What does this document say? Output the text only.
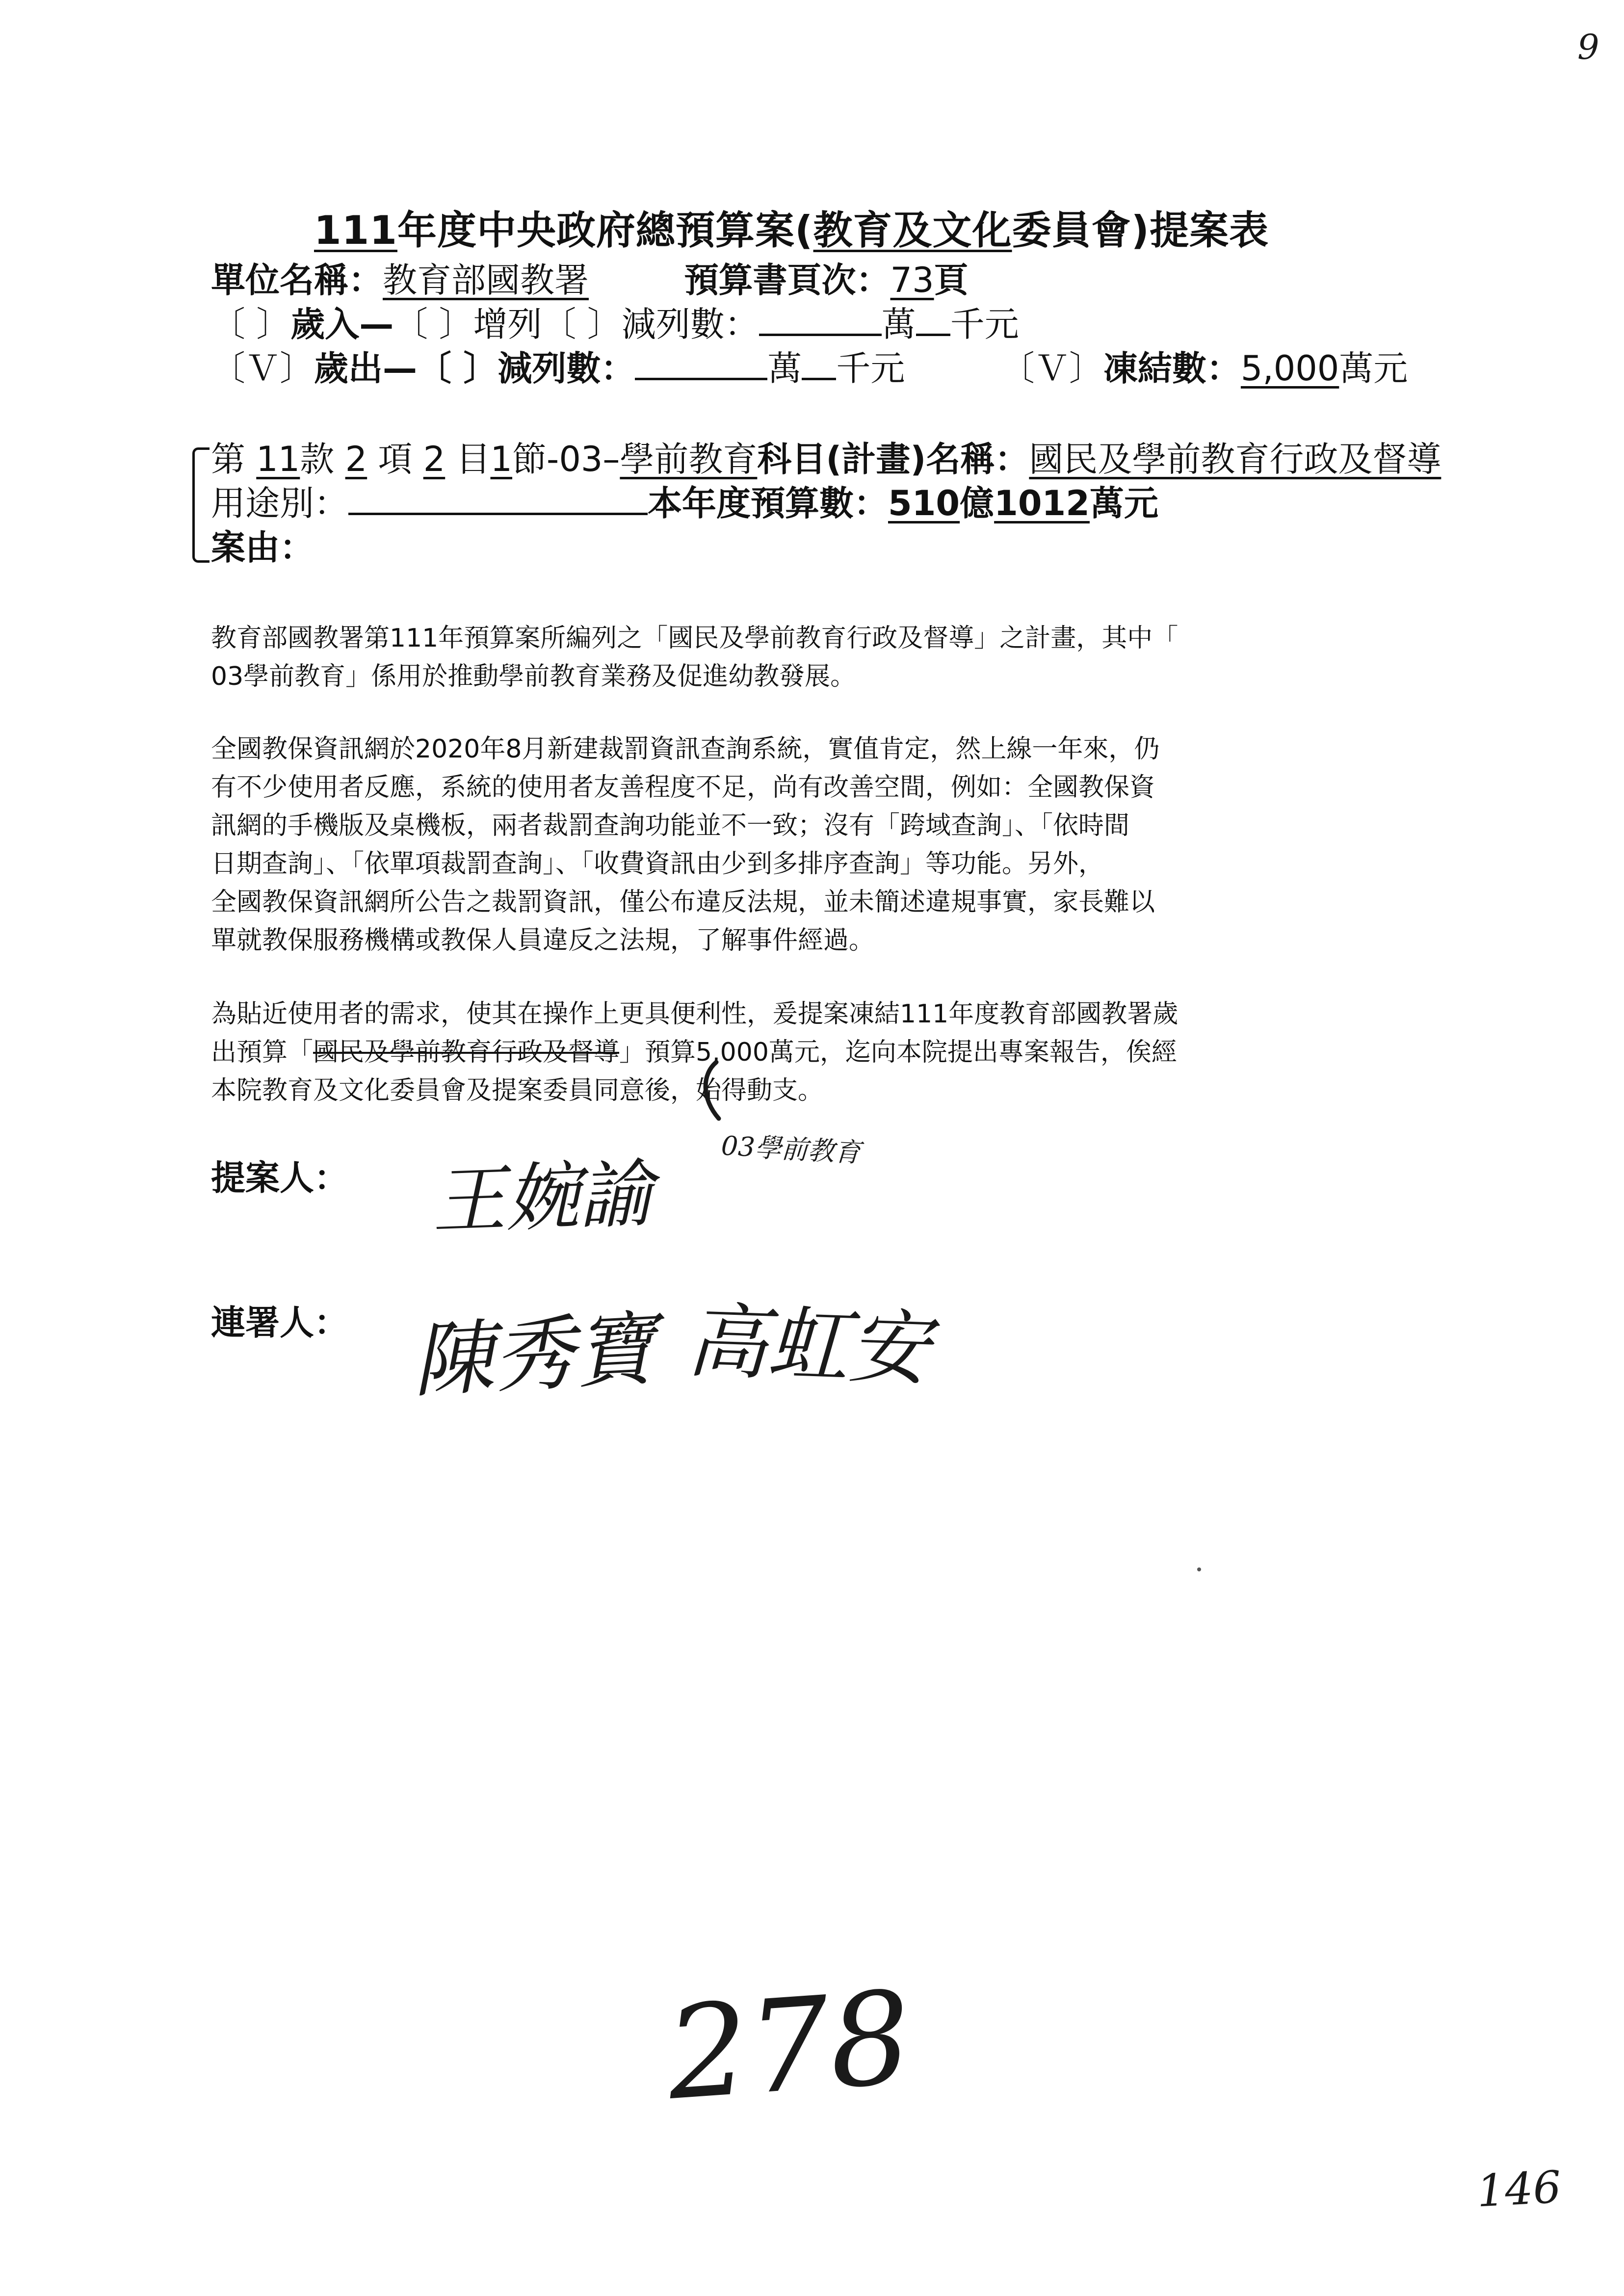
9
111年度中央政府總預算案(教育及文化委員會)提案表
單位名稱：教育部國教署	預算書頁次：73頁
〔 〕歲入—〔 〕增列〔 〕減列數：	萬 千元
〔Ｖ〕歲出—〔 〕減列數：	萬 千元	〔Ｖ〕凍結數：5,000萬元
第 11款 2 項 2 目1節-03–學前教育科目(計畫)名稱：國民及學前教育行政及督導
用途別：	本年度預算數：510億1012萬元
案由：
教育部國教署第111年預算案所編列之「國民及學前教育行政及督導」之計畫，其中「
03學前教育」係用於推動學前教育業務及促進幼教發展。
全國教保資訊網於2020年8月新建裁罰資訊查詢系統，實值肯定，然上線一年來，仍
有不少使用者反應，系統的使用者友善程度不足，尚有改善空間，例如：全國教保資
訊網的手機版及桌機板，兩者裁罰查詢功能並不一致；沒有「跨域查詢」、「依時間
日期查詢」、「依單項裁罰查詢」、「收費資訊由少到多排序查詢」等功能。另外，
全國教保資訊網所公告之裁罰資訊，僅公布違反法規，並未簡述違規事實，家長難以
單就教保服務機構或教保人員違反之法規，了解事件經過。
為貼近使用者的需求，使其在操作上更具便利性，爰提案凍結111年度教育部國教署歲
出預算「國民及學前教育行政及督導」預算5,000萬元，迄向本院提出專案報告，俟經
本院教育及文化委員會及提案委員同意後，始得動支。
03學前教育
提案人： 王婉諭
連署人： 陳秀寶 高虹安
278
146
